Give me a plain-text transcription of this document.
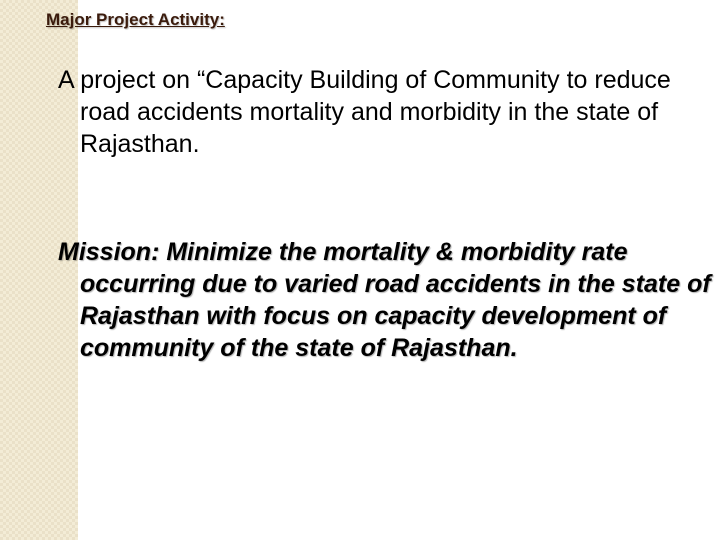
Major Project Activity:

A project on “Capacity Building of Community to reduce road accidents mortality and morbidity in the state of Rajasthan.

Mission: Minimize the mortality & morbidity rate occurring due to varied road accidents in the state of Rajasthan with focus on capacity development of community of the state of Rajasthan.
